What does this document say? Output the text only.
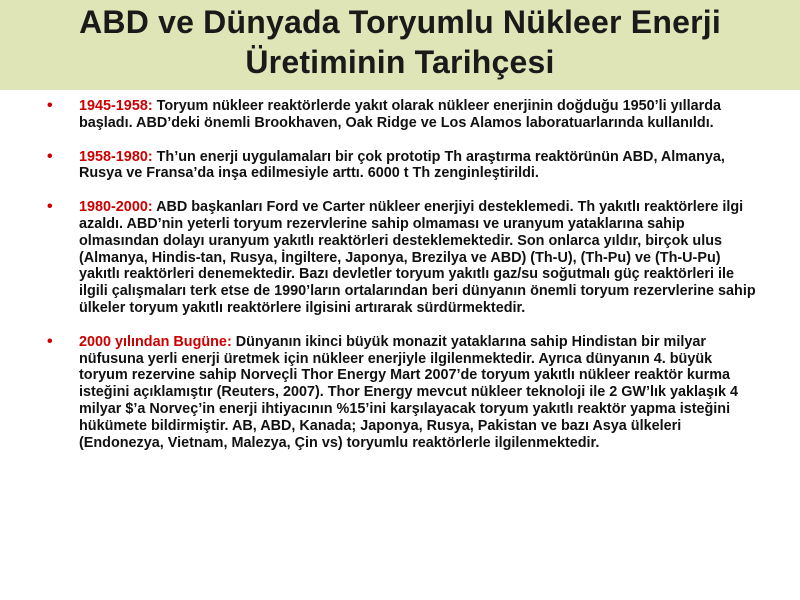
ABD ve Dünyada Toryumlu Nükleer Enerji
Üretiminin Tarihçesi

• 1945-1958: Toryum nükleer reaktörlerde yakıt olarak nükleer enerjinin doğduğu 1950’li yıllarda başladı. ABD’deki önemli Brookhaven, Oak Ridge ve Los Alamos laboratuarlarında kullanıldı.

• 1958-1980: Th’un enerji uygulamaları bir çok prototip Th araştırma reaktörünün ABD, Almanya, Rusya ve Fransa’da inşa edilmesiyle arttı. 6000 t Th zenginleştirildi.

• 1980-2000: ABD başkanları Ford ve Carter nükleer enerjiyi desteklemedi. Th yakıtlı reaktörlere ilgi azaldı. ABD’nin yeterli toryum rezervlerine sahip olmaması ve uranyum yataklarına sahip olmasından dolayı uranyum yakıtlı reaktörleri desteklemektedir. Son onlarca yıldır, birçok ulus (Almanya, Hindis-tan, Rusya, İngiltere, Japonya, Brezilya ve ABD) (Th-U), (Th-Pu) ve (Th-U-Pu) yakıtlı reaktörleri denemektedir. Bazı devletler toryum yakıtlı gaz/su soğutmalı güç reaktörleri ile ilgili çalışmaları terk etse de 1990’ların ortalarından beri dünyanın önemli toryum rezervlerine sahip ülkeler toryum yakıtlı reaktörlere ilgisini artırarak sürdürmektedir.

• 2000 yılından Bugüne: Dünyanın ikinci büyük monazit yataklarına sahip Hindistan bir milyar nüfusuna yerli enerji üretmek için nükleer enerjiyle ilgilenmektedir. Ayrıca dünyanın 4. büyük toryum rezervine sahip Norveçli Thor Energy Mart 2007’de toryum yakıtlı nükleer reaktör kurma isteğini açıklamıştır (Reuters, 2007). Thor Energy mevcut nükleer teknoloji ile 2 GW’lık yaklaşık 4 milyar $’a Norveç’in enerji ihtiyacının %15’ini karşılayacak toryum yakıtlı reaktör yapma isteğini hükümete bildirmiştir. AB, ABD, Kanada; Japonya, Rusya, Pakistan ve bazı Asya ülkeleri (Endonezya, Vietnam, Malezya, Çin vs) toryumlu reaktörlerle ilgilenmektedir.
